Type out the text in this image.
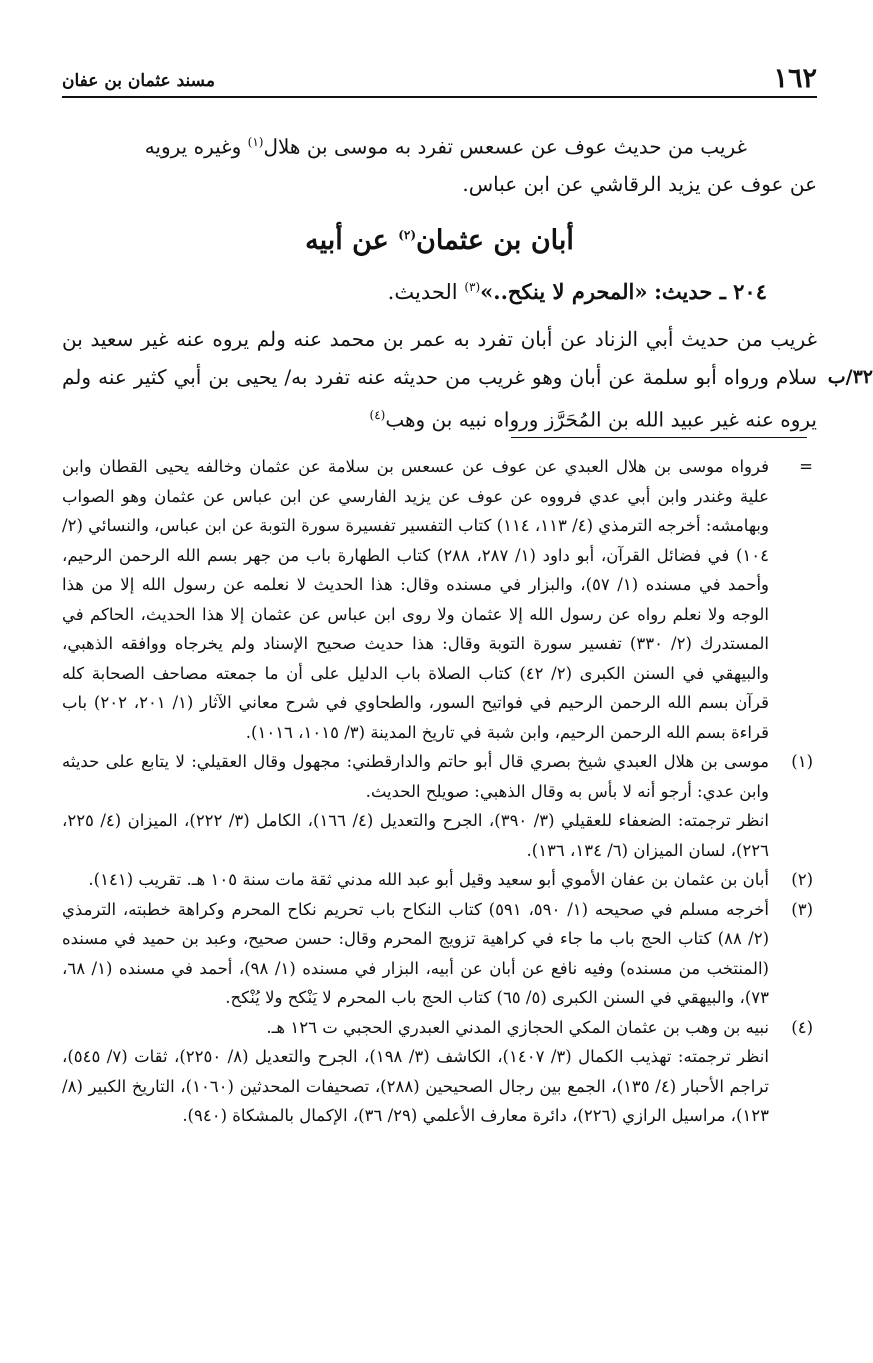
١٦٢
مسند عثمان بن عفان

غريب من حديث عوف عن عسعس تفرد به موسى بن هلال$^{(١)}$ وغيره يرويه
عن عوف عن يزيد الرقاشي عن ابن عباس.

أبان بن عثمان$^{(٢)}$ عن أبيه

٢٠٤ ـ حديث: «المحرم لا ينكح..»$^{(٣)}$ الحديث.

٣٢/ب
غريب من حديث أبي الزناد عن أبان تفرد به عمر بن محمد عنه ولم يروه عنه غير سعيد بن سلام ورواه أبو سلمة عن أبان وهو غريب من حديثه عنه تفرد به/ يحيى بن أبي كثير عنه ولم يروه عنه غير عبيد الله بن المُحَرَّز ورواه نبيه بن وهب$^{(٤)}$

=

فرواه موسى بن هلال العبدي عن عوف عن عسعس بن سلامة عن عثمان وخالفه يحيى القطان وابن علية وغندر وابن أبي عدي فرووه عن عوف عن يزيد الفارسي عن ابن عباس عن عثمان وهو الصواب وبهامشه: أخرجه الترمذي (٤/ ١١٣، ١١٤) كتاب التفسير تفسيرة سورة التوبة عن ابن عباس، والنسائي (٢/ ١٠٤) في فضائل القرآن، أبو داود (١/ ٢٨٧، ٢٨٨) كتاب الطهارة باب من جهر بسم الله الرحمن الرحيم، وأحمد في مسنده (١/ ٥٧)، والبزار في مسنده وقال: هذا الحديث لا نعلمه عن رسول الله إلا من هذا الوجه ولا نعلم رواه عن رسول الله إلا عثمان ولا روى ابن عباس عن عثمان إلا هذا الحديث، الحاكم في المستدرك (٢/ ٣٣٠) تفسير سورة التوبة وقال: هذا حديث صحيح الإسناد ولم يخرجاه ووافقه الذهبي، والبيهقي في السنن الكبرى (٢/ ٤٢) كتاب الصلاة باب الدليل على أن ما جمعته مصاحف الصحابة كله قرآن بسم الله الرحمن الرحيم في فواتيح السور، والطحاوي في شرح معاني الآثار (١/ ٢٠١، ٢٠٢) باب قراءة بسم الله الرحمن الرحيم، وابن شبة في تاريخ المدينة (٣/ ١٠١٥، ١٠١٦).

(١)

موسى بن هلال العبدي شيخ بصري قال أبو حاتم والدارقطني: مجهول وقال العقيلي: لا يتابع على حديثه وابن عدي: أرجو أنه لا بأس به وقال الذهبي: صويلح الحديث.

انظر ترجمته: الضعفاء للعقيلي (٣/ ٣٩٠)، الجرح والتعديل (٤/ ١٦٦)، الكامل (٣/ ٢٢٢)، الميزان (٤/ ٢٢٥، ٢٢٦)، لسان الميزان (٦/ ١٣٤، ١٣٦).

(٢)

أبان بن عثمان بن عفان الأموي أبو سعيد وقيل أبو عبد الله مدني ثقة مات سنة ١٠٥ هـ. تقريب (١٤١).

(٣)

أخرجه مسلم في صحيحه (١/ ٥٩٠، ٥٩١) كتاب النكاح باب تحريم نكاح المحرم وكراهة خطبته، الترمذي (٢/ ٨٨) كتاب الحج باب ما جاء في كراهية تزويج المحرم وقال: حسن صحيح، وعبد بن حميد في مسنده (المنتخب من مسنده) وفيه نافع عن أبان عن أبيه، البزار في مسنده (١/ ٩٨)، أحمد في مسنده (١/ ٦٨، ٧٣)، والبيهقي في السنن الكبرى (٥/ ٦٥) كتاب الحج باب المحرم لا يَنْكح ولا يُنْكح.

(٤)

نبيه بن وهب بن عثمان المكي الحجازي المدني العبدري الحجبي ت ١٢٦ هـ.

انظر ترجمته: تهذيب الكمال (٣/ ١٤٠٧)، الكاشف (٣/ ١٩٨)، الجرح والتعديل (٨/ ٢٢٥٠)، ثقات (٧/ ٥٤٥)، تراجم الأحبار (٤/ ١٣٥)، الجمع بين رجال الصحيحين (٢٨٨)، تصحيفات المحدثين (١٠٦٠)، التاريخ الكبير (٨/ ١٢٣)، مراسيل الرازي (٢٢٦)، دائرة معارف الأعلمي (٢٩/ ٣٦)، الإكمال بالمشكاة (٩٤٠).
